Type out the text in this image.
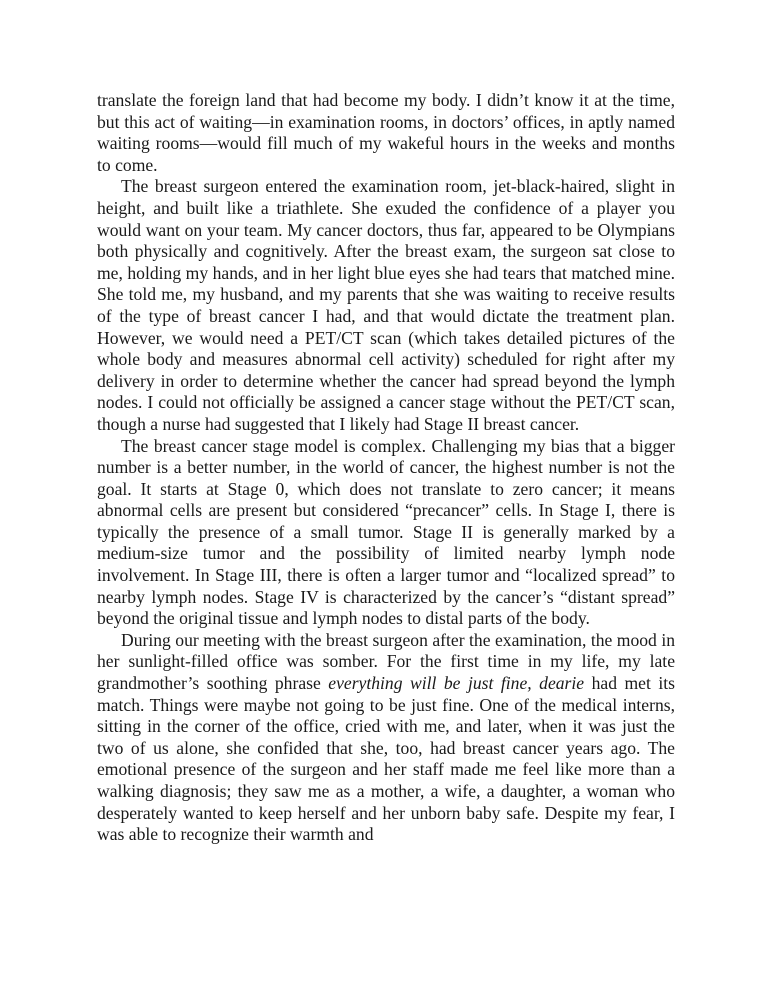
translate the foreign land that had become my body. I didn’t know it at the time, but this act of waiting—in examination rooms, in doctors’ offices, in aptly named waiting rooms—would fill much of my wakeful hours in the weeks and months to come.

The breast surgeon entered the examination room, jet-black-haired, slight in height, and built like a triathlete. She exuded the confidence of a player you would want on your team. My cancer doctors, thus far, appeared to be Olympians both physically and cognitively. After the breast exam, the surgeon sat close to me, holding my hands, and in her light blue eyes she had tears that matched mine. She told me, my husband, and my parents that she was waiting to receive results of the type of breast cancer I had, and that would dictate the treatment plan. However, we would need a PET/CT scan (which takes detailed pictures of the whole body and measures abnormal cell activity) scheduled for right after my delivery in order to determine whether the cancer had spread beyond the lymph nodes. I could not officially be assigned a cancer stage without the PET/CT scan, though a nurse had suggested that I likely had Stage II breast cancer.

The breast cancer stage model is complex. Challenging my bias that a bigger number is a better number, in the world of cancer, the highest number is not the goal. It starts at Stage 0, which does not translate to zero cancer; it means abnormal cells are present but considered “precancer” cells. In Stage I, there is typically the presence of a small tumor. Stage II is generally marked by a medium-size tumor and the possibility of limited nearby lymph node involvement. In Stage III, there is often a larger tumor and “localized spread” to nearby lymph nodes. Stage IV is characterized by the cancer’s “distant spread” beyond the original tissue and lymph nodes to distal parts of the body.

During our meeting with the breast surgeon after the examination, the mood in her sunlight-filled office was somber. For the first time in my life, my late grandmother’s soothing phrase everything will be just fine, dearie had met its match. Things were maybe not going to be just fine. One of the medical interns, sitting in the corner of the office, cried with me, and later, when it was just the two of us alone, she confided that she, too, had breast cancer years ago. The emotional presence of the surgeon and her staff made me feel like more than a walking diagnosis; they saw me as a mother, a wife, a daughter, a woman who desperately wanted to keep herself and her unborn baby safe. Despite my fear, I was able to recognize their warmth and
